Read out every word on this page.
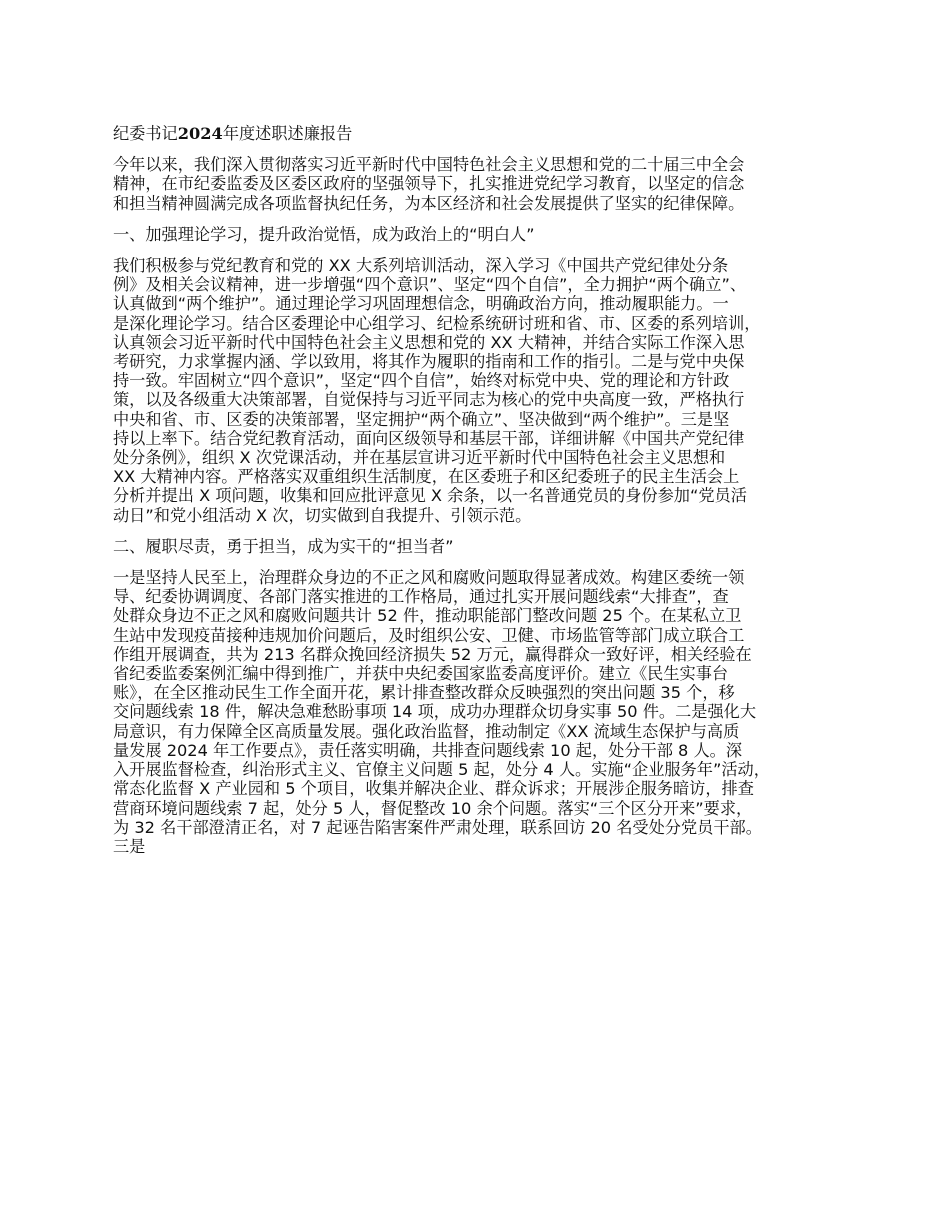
纪委书记2024年度述职述廉报告
今年以来，我们深入贯彻落实习近平新时代中国特色社会主义思想和党的二十届三中全会
精神，在市纪委监委及区委区政府的坚强领导下，扎实推进党纪学习教育，以坚定的信念
和担当精神圆满完成各项监督执纪任务，为本区经济和社会发展提供了坚实的纪律保障。
一、加强理论学习，提升政治觉悟，成为政治上的“明白人”
我们积极参与党纪教育和党的 XX 大系列培训活动，深入学习《中国共产党纪律处分条
例》及相关会议精神，进一步增强“四个意识”、坚定“四个自信”，全力拥护“两个确立”、
认真做到“两个维护”。通过理论学习巩固理想信念，明确政治方向，推动履职能力。一
是深化理论学习。结合区委理论中心组学习、纪检系统研讨班和省、市、区委的系列培训，
认真领会习近平新时代中国特色社会主义思想和党的 XX 大精神，并结合实际工作深入思
考研究，力求掌握内涵、学以致用，将其作为履职的指南和工作的指引。二是与党中央保
持一致。牢固树立“四个意识”，坚定“四个自信”，始终对标党中央、党的理论和方针政
策，以及各级重大决策部署，自觉保持与习近平同志为核心的党中央高度一致，严格执行
中央和省、市、区委的决策部署，坚定拥护“两个确立”、坚决做到“两个维护”。三是坚
持以上率下。结合党纪教育活动，面向区级领导和基层干部，详细讲解《中国共产党纪律
处分条例》，组织 X 次党课活动，并在基层宣讲习近平新时代中国特色社会主义思想和
XX 大精神内容。严格落实双重组织生活制度，在区委班子和区纪委班子的民主生活会上
分析并提出 X 项问题，收集和回应批评意见 X 余条，以一名普通党员的身份参加“党员活
动日”和党小组活动 X 次，切实做到自我提升、引领示范。
二、履职尽责，勇于担当，成为实干的“担当者”
一是坚持人民至上，治理群众身边的不正之风和腐败问题取得显著成效。构建区委统一领
导、纪委协调调度、各部门落实推进的工作格局，通过扎实开展问题线索“大排查”，查
处群众身边不正之风和腐败问题共计 52 件，推动职能部门整改问题 25 个。在某私立卫
生站中发现疫苗接种违规加价问题后，及时组织公安、卫健、市场监管等部门成立联合工
作组开展调查，共为 213 名群众挽回经济损失 52 万元，赢得群众一致好评，相关经验在
省纪委监委案例汇编中得到推广，并获中央纪委国家监委高度评价。建立《民生实事台
账》，在全区推动民生工作全面开花，累计排查整改群众反映强烈的突出问题 35 个，移
交问题线索 18 件，解决急难愁盼事项 14 项，成功办理群众切身实事 50 件。二是强化大
局意识，有力保障全区高质量发展。强化政治监督，推动制定《XX 流域生态保护与高质
量发展 2024 年工作要点》，责任落实明确，共排查问题线索 10 起，处分干部 8 人。深
入开展监督检查，纠治形式主义、官僚主义问题 5 起，处分 4 人。实施“企业服务年”活动，
常态化监督 X 产业园和 5 个项目，收集并解决企业、群众诉求；开展涉企服务暗访，排查
营商环境问题线索 7 起，处分 5 人，督促整改 10 余个问题。落实“三个区分开来”要求，
为 32 名干部澄清正名，对 7 起诬告陷害案件严肃处理，联系回访 20 名受处分党员干部。
三是
